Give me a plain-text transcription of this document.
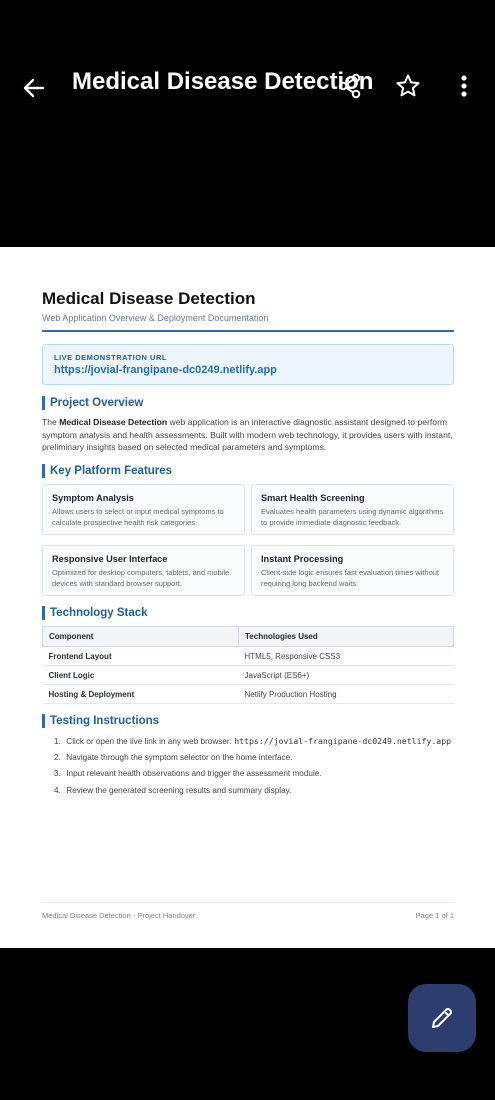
Medical Disease Detection
Medical Disease Detection
Web Application Overview & Deployment Documentation
LIVE DEMONSTRATION URL
https://jovial-frangipane-dc0249.netlify.app
Project Overview
The Medical Disease Detection web application is an interactive diagnostic assistant designed to perform symptom analysis and health assessments. Built with modern web technology, it provides users with instant, preliminary insights based on selected medical parameters and symptoms.
Key Platform Features
Symptom Analysis
Allows users to select or input medical symptoms to calculate prospective health risk categories.
Smart Health Screening
Evaluates health parameters using dynamic algorithms to provide immediate diagnostic feedback.
Responsive User Interface
Optimized for desktop computers, tablets, and mobile devices with standard browser support.
Instant Processing
Client-side logic ensures fast evaluation times without requiring long backend waits.
Technology Stack
Component	Technologies Used
Frontend Layout	HTML5, Responsive CSS3
Client Logic	JavaScript (ES6+)
Hosting & Deployment	Netlify Production Hosting
Testing Instructions
1. Click or open the live link in any web browser: https://jovial-frangipane-dc0249.netlify.app
2. Navigate through the symptom selector on the home interface.
3. Input relevant health observations and trigger the assessment module.
4. Review the generated screening results and summary display.
Medical Disease Detection - Project Handover	Page 1 of 1
